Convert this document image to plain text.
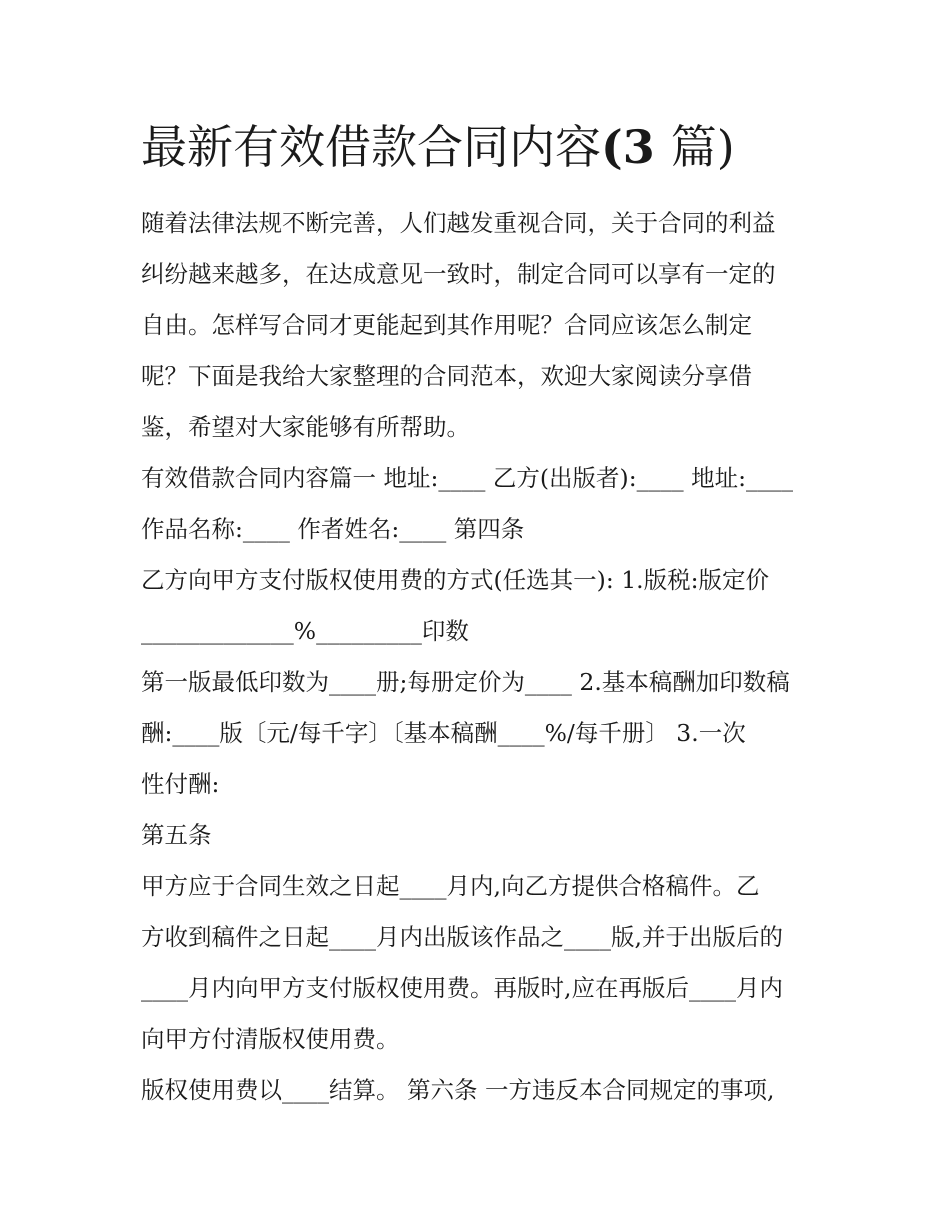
最新有效借款合同内容(3 篇)
随着法律法规不断完善，人们越发重视合同，关于合同的利益
纠纷越来越多，在达成意见一致时，制定合同可以享有一定的
自由。怎样写合同才更能起到其作用呢？合同应该怎么制定
呢？下面是我给大家整理的合同范本，欢迎大家阅读分享借
鉴，希望对大家能够有所帮助。
有效借款合同内容篇一 地址:____ 乙方(出版者):____ 地址:____
作品名称:____ 作者姓名:____ 第四条
乙方向甲方支付版权使用费的方式(任选其一): 1.版税:版定价
_____________%_________印数
第一版最低印数为____册;每册定价为____ 2.基本稿酬加印数稿
酬:____版〔元/每千字〕〔基本稿酬____%/每千册〕 3.一次
性付酬:
第五条
甲方应于合同生效之日起____月内,向乙方提供合格稿件。乙
方收到稿件之日起____月内出版该作品之____版,并于出版后的
____月内向甲方支付版权使用费。再版时,应在再版后____月内
向甲方付清版权使用费。
版权使用费以____结算。 第六条 一方违反本合同规定的事项,
